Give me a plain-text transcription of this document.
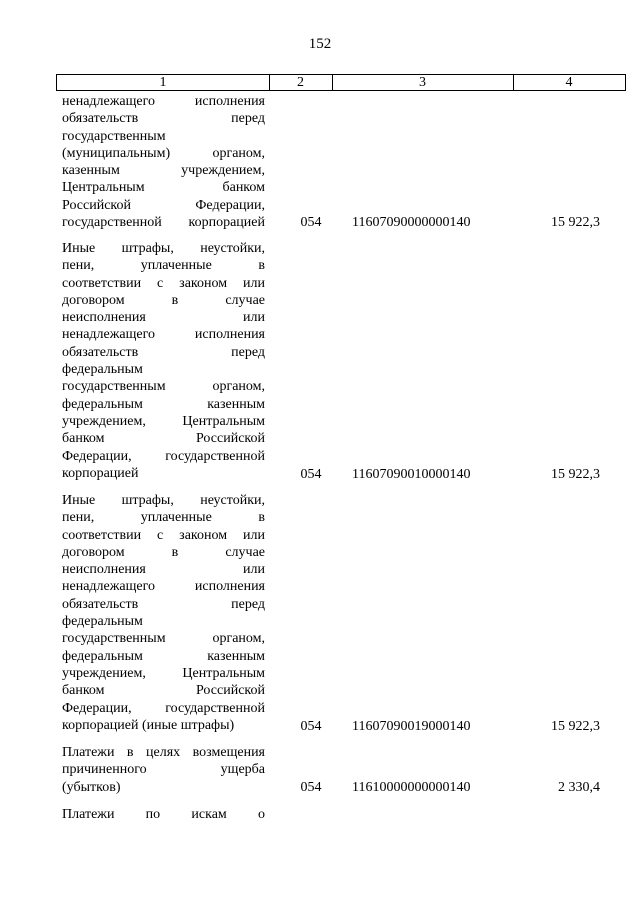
152
1	2	3	4
ненадлежащего исполнения
обязательств перед
государственным
(муниципальным) органом,
казенным учреждением,
Центральным банком
Российской Федерации,
государственной корпорацией	054	11607090000000140	15 922,3
Иные штрафы, неустойки,
пени, уплаченные в
соответствии с законом или
договором в случае
неисполнения или
ненадлежащего исполнения
обязательств перед
федеральным
государственным органом,
федеральным казенным
учреждением, Центральным
банком Российской
Федерации, государственной
корпорацией	054	11607090010000140	15 922,3
Иные штрафы, неустойки,
пени, уплаченные в
соответствии с законом или
договором в случае
неисполнения или
ненадлежащего исполнения
обязательств перед
федеральным
государственным органом,
федеральным казенным
учреждением, Центральным
банком Российской
Федерации, государственной
корпорацией (иные штрафы)	054	11607090019000140	15 922,3
Платежи в целях возмещения
причиненного ущерба
(убытков)	054	11610000000000140	2 330,4
Платежи по искам о
